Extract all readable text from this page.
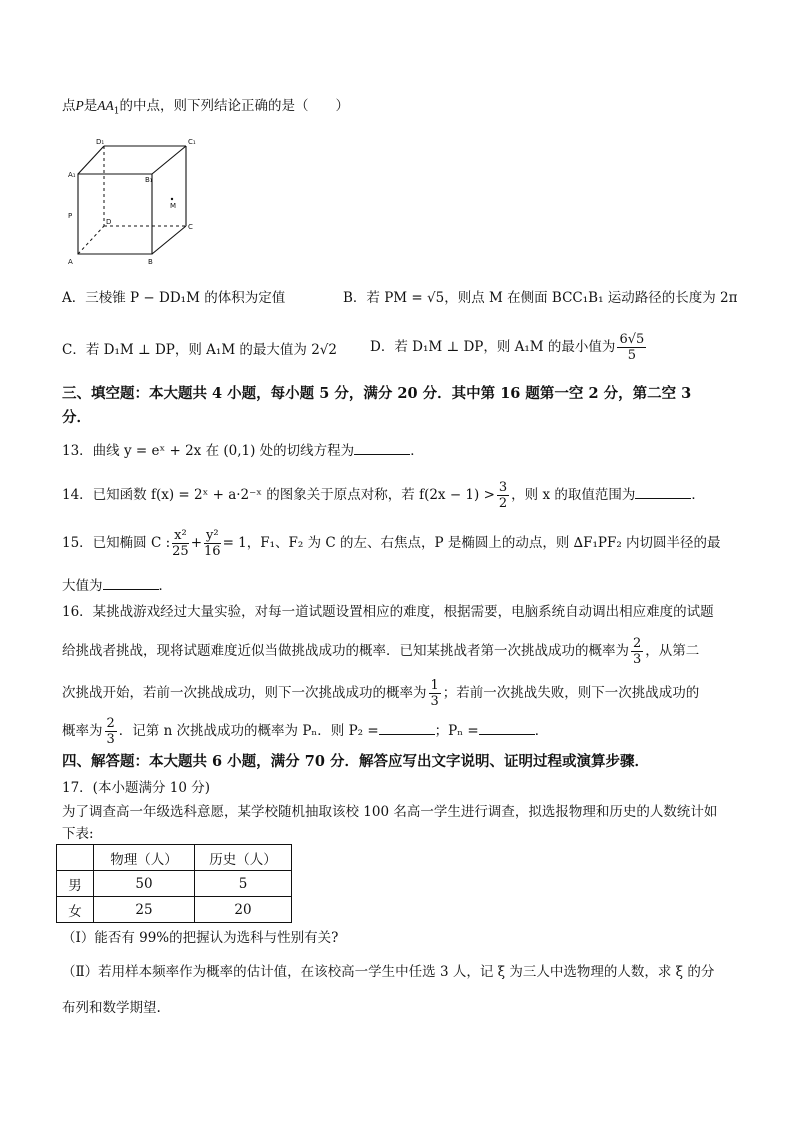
点P是$AA_1$的中点，则下列结论正确的是（　　）
D₁	C₁
A₁
B₁
M
P
D
C
A	B
A．三棱锥 P − DD₁M 的体积为定值	B．若 PM = √5，则点 M 在侧面 BCC₁B₁ 运动路径的长度为 2π
C．若 D₁M ⊥ DP，则 A₁M 的最大值为 2√2 D．若 D₁M ⊥ DP，则 A₁M 的最小值为 $\frac{6√5}{5}$
三、填空题：本大题共 4 小题，每小题 5 分，满分 20 分．其中第 16 题第一空 2 分，第二空 3
分．
13．曲线 y = eˣ + 2x 在 (0,1) 处的切线方程为	．
14．已知函数 f(x) = 2ˣ + a·2⁻ˣ 的图象关于原点对称，若 $f(2x - 1) > \frac{3}{2}$ ，则 x 的取值范围为	．
15．已知椭圆 C : $\frac{\text{x²}}{25} + \frac{\text{y²}}{16} = 1$，F₁、F₂ 为 C 的左、右焦点，P 是椭圆上的动点，则 ∆F₁PF₂ 内切圆半径的最
大值为	．
16．某挑战游戏经过大量实验，对每一道试题设置相应的难度，根据需要，电脑系统自动调出相应难度的试题
给挑战者挑战，现将试题难度近似当做挑战成功的概率．已知某挑战者第一次挑战成功的概率为 $\frac{2}{3}$ ，从第二
次挑战开始，若前一次挑战成功，则下一次挑战成功的概率为 $\frac{1}{3}$ ；若前一次挑战失败，则下一次挑战成功的
概率为 $\frac{2}{3}$ ．记第 n 次挑战成功的概率为 Pₙ．则 P₂ =	；Pₙ =	．
四、解答题：本大题共 6 小题，满分 70 分．解答应写出文字说明、证明过程或演算步骤．
17．(本小题满分 10 分)
为了调查高一年级选科意愿，某学校随机抽取该校 100 名高一学生进行调查，拟选报物理和历史的人数统计如
下表:
	物理（人）	历史（人）
男	50	5
女	25	20
（Ⅰ）能否有 99%的把握认为选科与性别有关?
（Ⅱ）若用样本频率作为概率的估计值，在该校高一学生中任选 3 人，记 ξ 为三人中选物理的人数，求 ξ 的分
布列和数学期望.
